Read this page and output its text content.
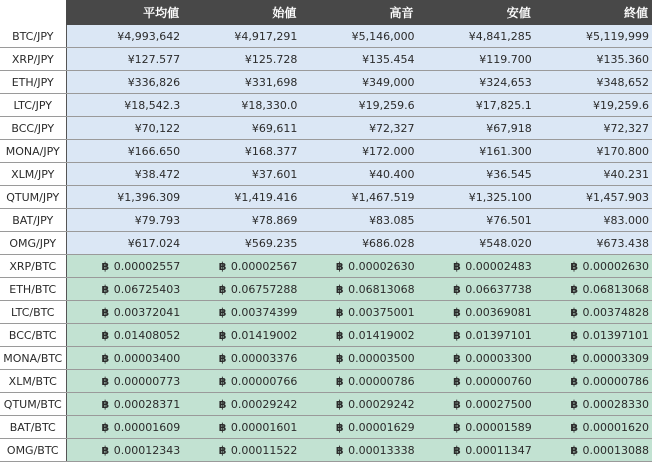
	平均値	始値	高音	安値	終値
BTC/JPY	¥4,993,642	¥4,917,291	¥5,146,000	¥4,841,285	¥5,119,999
XRP/JPY	¥127.577	¥125.728	¥135.454	¥119.700	¥135.360
ETH/JPY	¥336,826	¥331,698	¥349,000	¥324,653	¥348,652
LTC/JPY	¥18,542.3	¥18,330.0	¥19,259.6	¥17,825.1	¥19,259.6
BCC/JPY	¥70,122	¥69,611	¥72,327	¥67,918	¥72,327
MONA/JPY	¥166.650	¥168.377	¥172.000	¥161.300	¥170.800
XLM/JPY	¥38.472	¥37.601	¥40.400	¥36.545	¥40.231
QTUM/JPY	¥1,396.309	¥1,419.416	¥1,467.519	¥1,325.100	¥1,457.903
BAT/JPY	¥79.793	¥78.869	¥83.085	¥76.501	¥83.000
OMG/JPY	¥617.024	¥569.235	¥686.028	¥548.020	¥673.438
XRP/BTC	฿ 0.00002557	฿ 0.00002567	฿ 0.00002630	฿ 0.00002483	฿ 0.00002630
ETH/BTC	฿ 0.06725403	฿ 0.06757288	฿ 0.06813068	฿ 0.06637738	฿ 0.06813068
LTC/BTC	฿ 0.00372041	฿ 0.00374399	฿ 0.00375001	฿ 0.00369081	฿ 0.00374828
BCC/BTC	฿ 0.01408052	฿ 0.01419002	฿ 0.01419002	฿ 0.01397101	฿ 0.01397101
MONA/BTC	฿ 0.00003400	฿ 0.00003376	฿ 0.00003500	฿ 0.00003300	฿ 0.00003309
XLM/BTC	฿ 0.00000773	฿ 0.00000766	฿ 0.00000786	฿ 0.00000760	฿ 0.00000786
QTUM/BTC	฿ 0.00028371	฿ 0.00029242	฿ 0.00029242	฿ 0.00027500	฿ 0.00028330
BAT/BTC	฿ 0.00001609	฿ 0.00001601	฿ 0.00001629	฿ 0.00001589	฿ 0.00001620
OMG/BTC	฿ 0.00012343	฿ 0.00011522	฿ 0.00013338	฿ 0.00011347	฿ 0.00013088
